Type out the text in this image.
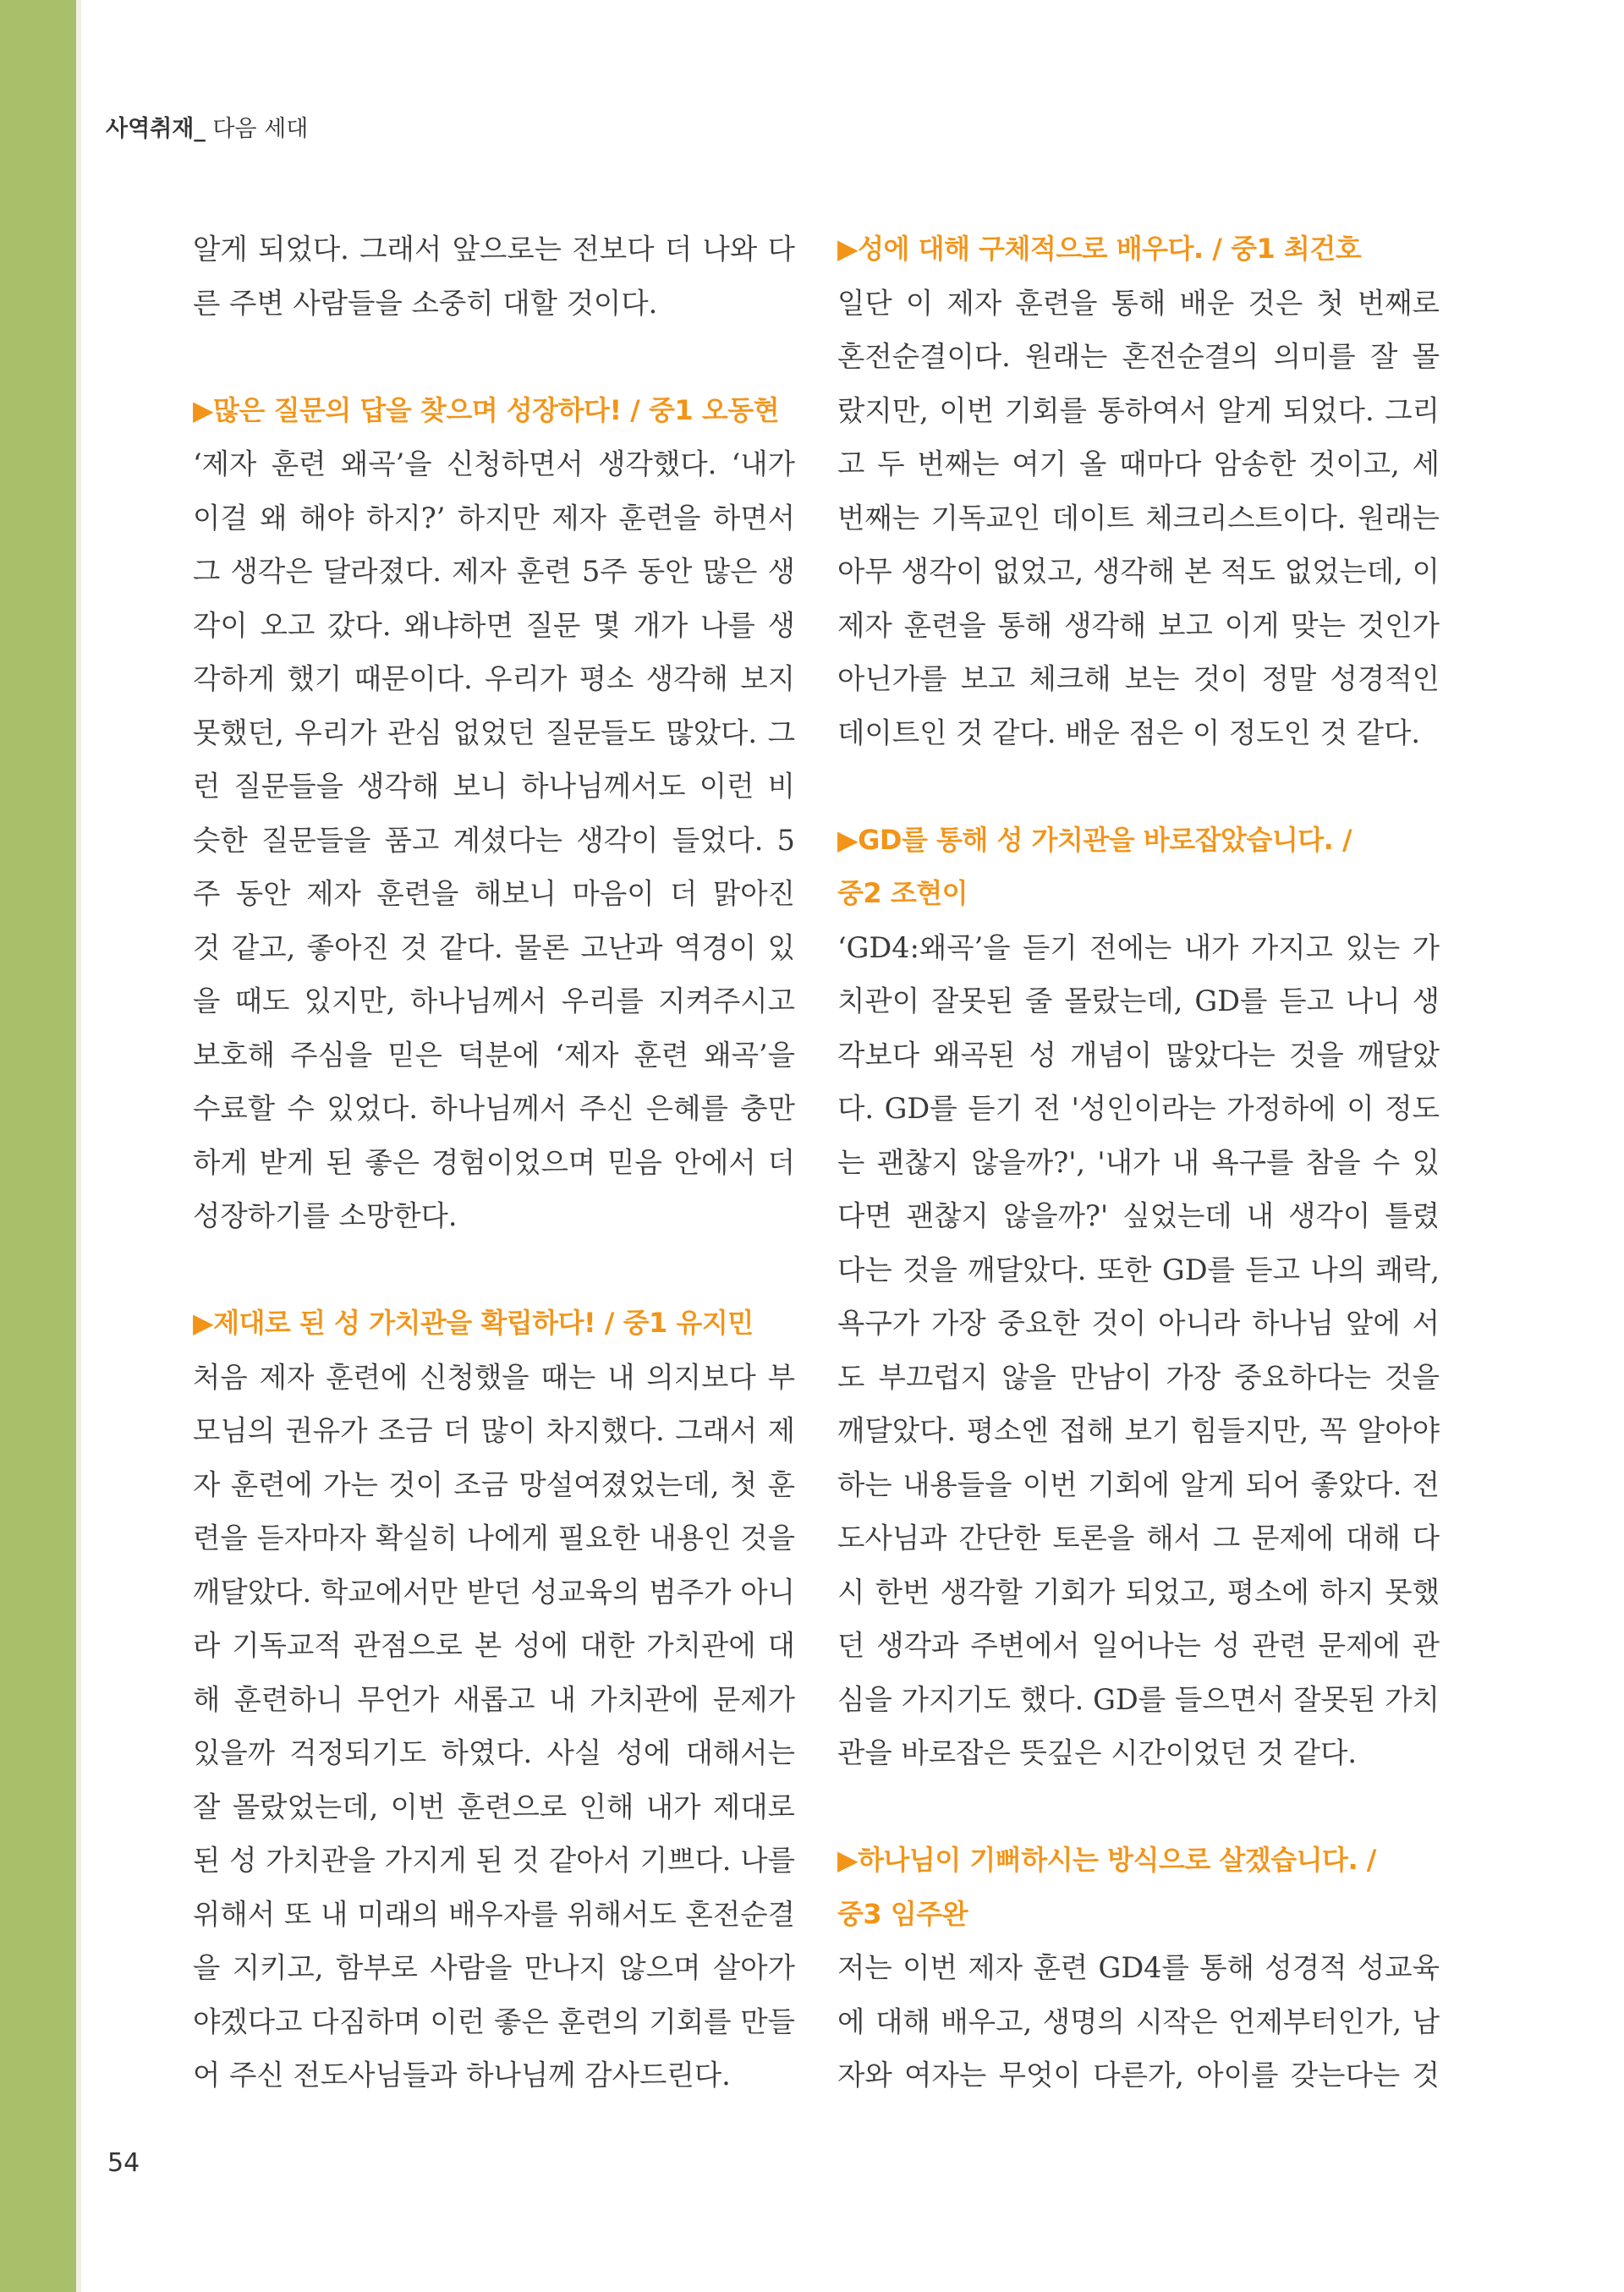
사역취재_ 다음 세대
알게 되었다. 그래서 앞으로는 전보다 더 나와 다
른 주변 사람들을 소중히 대할 것이다.
▶많은 질문의 답을 찾으며 성장하다! / 중1 오동현
‘제자 훈련 왜곡’을 신청하면서 생각했다. ‘내가
이걸 왜 해야 하지?’ 하지만 제자 훈련을 하면서
그 생각은 달라졌다. 제자 훈련 5주 동안 많은 생
각이 오고 갔다. 왜냐하면 질문 몇 개가 나를 생
각하게 했기 때문이다. 우리가 평소 생각해 보지
못했던, 우리가 관심 없었던 질문들도 많았다. 그
런 질문들을 생각해 보니 하나님께서도 이런 비
슷한 질문들을 품고 계셨다는 생각이 들었다. 5
주 동안 제자 훈련을 해보니 마음이 더 맑아진
것 같고, 좋아진 것 같다. 물론 고난과 역경이 있
을 때도 있지만, 하나님께서 우리를 지켜주시고
보호해 주심을 믿은 덕분에 ‘제자 훈련 왜곡’을
수료할 수 있었다. 하나님께서 주신 은혜를 충만
하게 받게 된 좋은 경험이었으며 믿음 안에서 더
성장하기를 소망한다.
▶제대로 된 성 가치관을 확립하다! / 중1 유지민
처음 제자 훈련에 신청했을 때는 내 의지보다 부
모님의 권유가 조금 더 많이 차지했다. 그래서 제
자 훈련에 가는 것이 조금 망설여졌었는데, 첫 훈
련을 듣자마자 확실히 나에게 필요한 내용인 것을
깨달았다. 학교에서만 받던 성교육의 범주가 아니
라 기독교적 관점으로 본 성에 대한 가치관에 대
해 훈련하니 무언가 새롭고 내 가치관에 문제가
있을까 걱정되기도 하였다. 사실 성에 대해서는
잘 몰랐었는데, 이번 훈련으로 인해 내가 제대로
된 성 가치관을 가지게 된 것 같아서 기쁘다. 나를
위해서 또 내 미래의 배우자를 위해서도 혼전순결
을 지키고, 함부로 사람을 만나지 않으며 살아가
야겠다고 다짐하며 이런 좋은 훈련의 기회를 만들
어 주신 전도사님들과 하나님께 감사드린다.
▶성에 대해 구체적으로 배우다. / 중1 최건호
일단 이 제자 훈련을 통해 배운 것은 첫 번째로
혼전순결이다. 원래는 혼전순결의 의미를 잘 몰
랐지만, 이번 기회를 통하여서 알게 되었다. 그리
고 두 번째는 여기 올 때마다 암송한 것이고, 세
번째는 기독교인 데이트 체크리스트이다. 원래는
아무 생각이 없었고, 생각해 본 적도 없었는데, 이
제자 훈련을 통해 생각해 보고 이게 맞는 것인가
아닌가를 보고 체크해 보는 것이 정말 성경적인
데이트인 것 같다. 배운 점은 이 정도인 것 같다.
▶GD를 통해 성 가치관을 바로잡았습니다. /
중2 조현이
‘GD4:왜곡’을 듣기 전에는 내가 가지고 있는 가
치관이 잘못된 줄 몰랐는데, GD를 듣고 나니 생
각보다 왜곡된 성 개념이 많았다는 것을 깨달았
다. GD를 듣기 전 '성인이라는 가정하에 이 정도
는 괜찮지 않을까?', '내가 내 욕구를 참을 수 있
다면 괜찮지 않을까?' 싶었는데 내 생각이 틀렸
다는 것을 깨달았다. 또한 GD를 듣고 나의 쾌락,
욕구가 가장 중요한 것이 아니라 하나님 앞에 서
도 부끄럽지 않을 만남이 가장 중요하다는 것을
깨달았다. 평소엔 접해 보기 힘들지만, 꼭 알아야
하는 내용들을 이번 기회에 알게 되어 좋았다. 전
도사님과 간단한 토론을 해서 그 문제에 대해 다
시 한번 생각할 기회가 되었고, 평소에 하지 못했
던 생각과 주변에서 일어나는 성 관련 문제에 관
심을 가지기도 했다. GD를 들으면서 잘못된 가치
관을 바로잡은 뜻깊은 시간이었던 것 같다.
▶하나님이 기뻐하시는 방식으로 살겠습니다. /
중3 임주완
저는 이번 제자 훈련 GD4를 통해 성경적 성교육
에 대해 배우고, 생명의 시작은 언제부터인가, 남
자와 여자는 무엇이 다른가, 아이를 갖는다는 것
54
